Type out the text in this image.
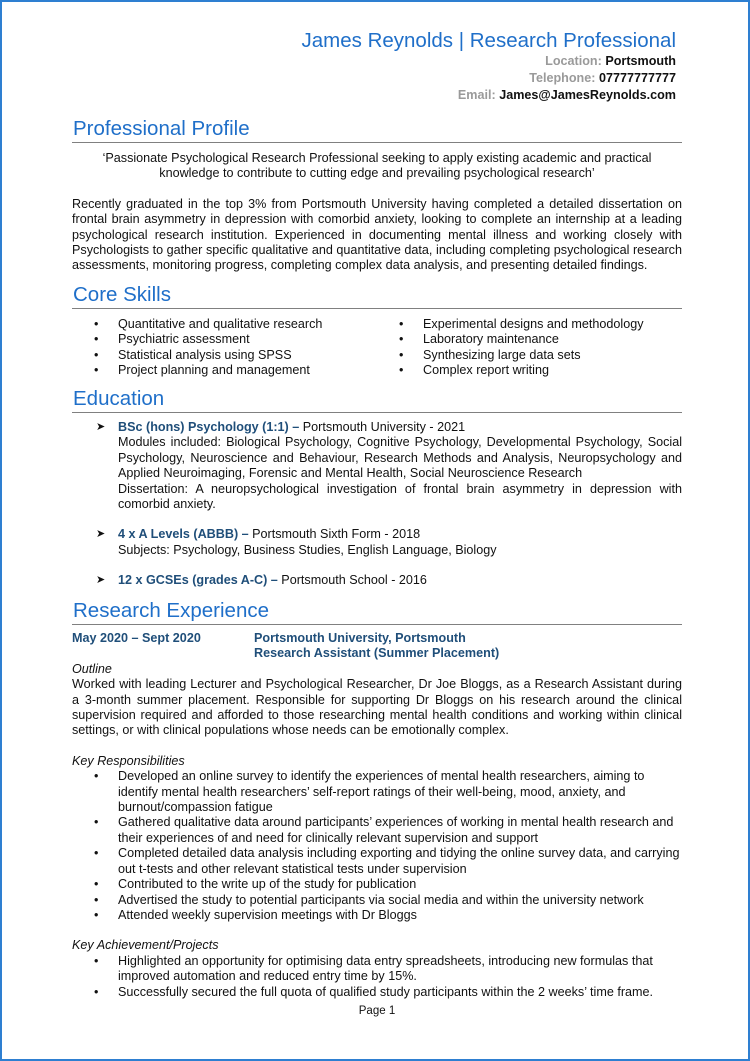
James Reynolds | Research Professional
Location: Portsmouth
Telephone: 07777777777
Email: James@JamesReynolds.com
Professional Profile

‘Passionate Psychological Research Professional seeking to apply existing academic and practical knowledge to contribute to cutting edge and prevailing psychological research’

Recently graduated in the top 3% from Portsmouth University having completed a detailed dissertation on frontal brain asymmetry in depression with comorbid anxiety, looking to complete an internship at a leading psychological research institution. Experienced in documenting mental illness and working closely with Psychologists to gather specific qualitative and quantitative data, including completing psychological research assessments, monitoring progress, completing complex data analysis, and presenting detailed findings.

Core Skills
• Quantitative and qualitative research
• Psychiatric assessment
• Statistical analysis using SPSS
• Project planning and management
• Experimental designs and methodology
• Laboratory maintenance
• Synthesizing large data sets
• Complex report writing
Education
➤ BSc (hons) Psychology (1:1) – Portsmouth University - 2021

Modules included: Biological Psychology, Cognitive Psychology, Developmental Psychology, Social Psychology, Neuroscience and Behaviour, Research Methods and Analysis, Neuropsychology and Applied Neuroimaging, Forensic and Mental Health, Social Neuroscience Research

Dissertation: A neuropsychological investigation of frontal brain asymmetry in depression with comorbid anxiety.

➤ 4 x A Levels (ABBB) – Portsmouth Sixth Form - 2018

Subjects: Psychology, Business Studies, English Language, Biology

➤ 12 x GCSEs (grades A-C) – Portsmouth School - 2016
Research Experience
May 2020 – Sept 2020	Portsmouth University, Portsmouth
Research Assistant (Summer Placement)
Outline

Worked with leading Lecturer and Psychological Researcher, Dr Joe Bloggs, as a Research Assistant during a 3-month summer placement. Responsible for supporting Dr Bloggs on his research around the clinical supervision required and afforded to those researching mental health conditions and working within clinical settings, or with clinical populations whose needs can be emotionally complex.

Key Responsibilities
• Developed an online survey to identify the experiences of mental health researchers, aiming to identify mental health researchers’ self-report ratings of their well-being, mood, anxiety, and burnout/compassion fatigue
• Gathered qualitative data around participants’ experiences of working in mental health research and their experiences of and need for clinically relevant supervision and support
• Completed detailed data analysis including exporting and tidying the online survey data, and carrying out t-tests and other relevant statistical tests under supervision
• Contributed to the write up of the study for publication
• Advertised the study to potential participants via social media and within the university network
• Attended weekly supervision meetings with Dr Bloggs
Key Achievement/Projects
• Highlighted an opportunity for optimising data entry spreadsheets, introducing new formulas that improved automation and reduced entry time by 15%.
• Successfully secured the full quota of qualified study participants within the 2 weeks’ time frame.
Page 1
